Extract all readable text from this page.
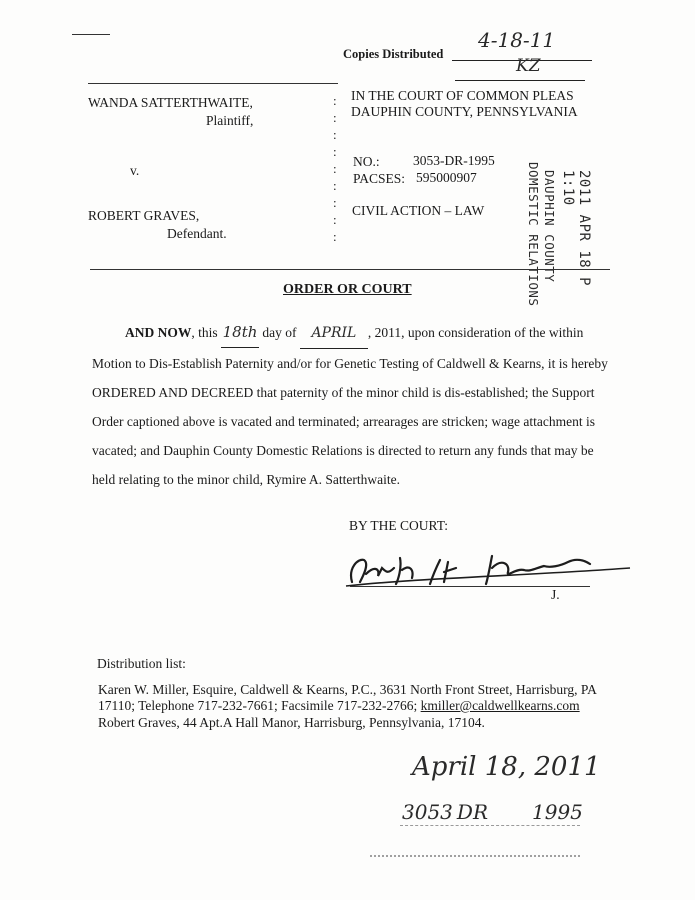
Copies Distributed
4-18-11
KZ
WANDA SATTERTHWAITE,
Plaintiff,
v.
ROBERT GRAVES,
Defendant.
:
:
:
:
:
:
:
:
:
IN THE COURT OF COMMON PLEAS
DAUPHIN COUNTY, PENNSYLVANIA
NO.: 3053-DR-1995
PACSES: 595000907
CIVIL ACTION – LAW	2011 APR 18 P 1:10
DAUPHIN COUNTY
DOMESTIC RELATIONS
ORDER OR COURT

AND NOW, this 18th day of APRIL , 2011, upon consideration of the within

Motion to Dis-Establish Paternity and/or for Genetic Testing of Caldwell & Kearns, it is hereby

ORDERED AND DECREED that paternity of the minor child is dis-established; the Support

Order captioned above is vacated and terminated; arrearages are stricken; wage attachment is

vacated; and Dauphin County Domestic Relations is directed to return any funds that may be

held relating to the minor child, Rymire A. Satterthwaite.

BY THE COURT:	Richard A. Lewis
J.
Distribution list:
Karen W. Miller, Esquire, Caldwell & Kearns, P.C., 3631 North Front Street, Harrisburg, PA
17110; Telephone 717-232-7661; Facsimile 717-232-2766; kmiller@caldwellkearns.com
Robert Graves, 44 Apt.A Hall Manor, Harrisburg, Pennsylvania, 17104.
April 18, 2011
3053 DR 1995
